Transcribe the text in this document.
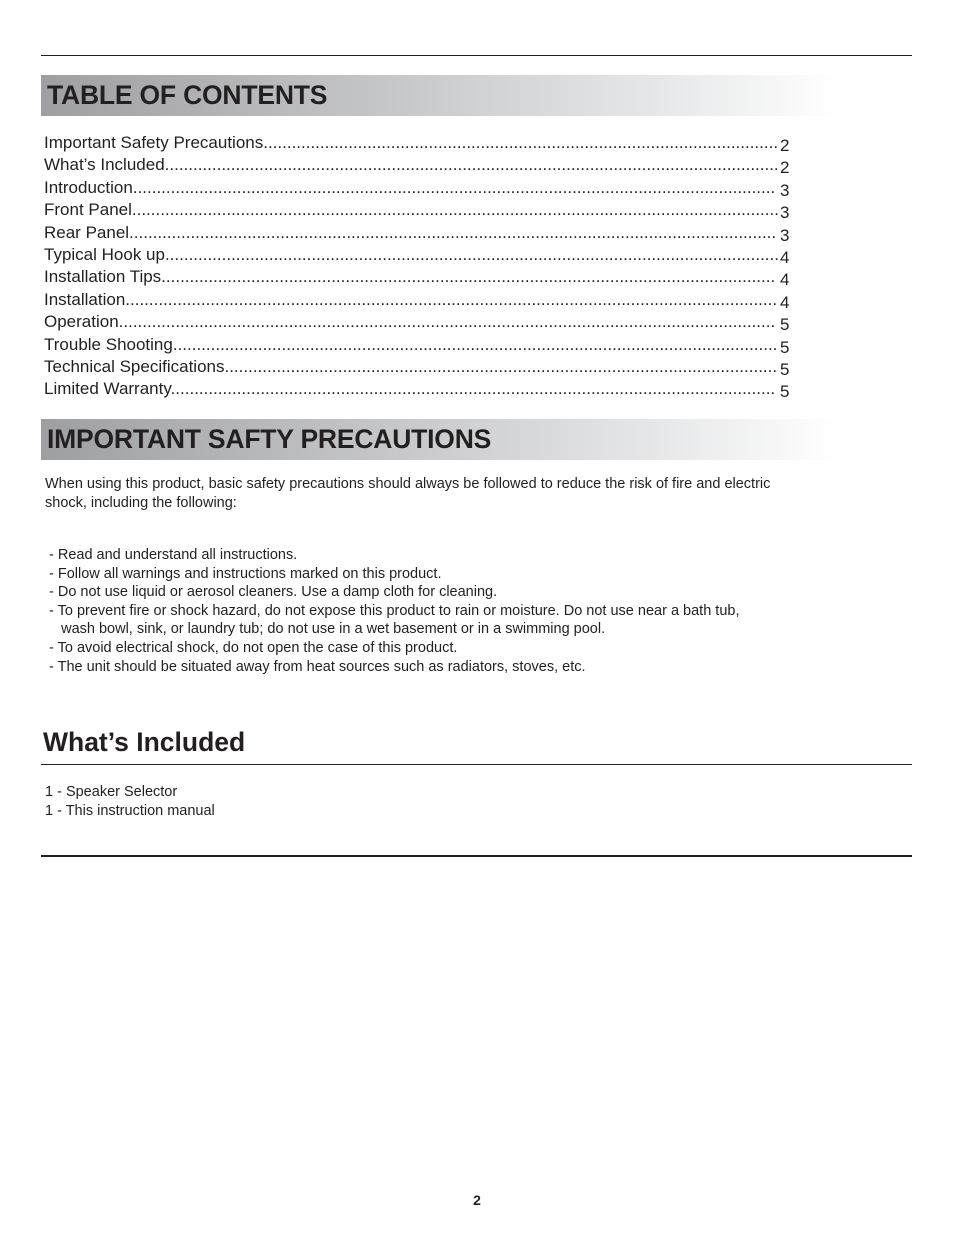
TABLE OF CONTENTS
Important Safety Precautions............................................................................................................. 2
What’s Included.................................................................................................................................. 2
Introduction........................................................................................................................................ 3
Front Panel......................................................................................................................................... 3
Rear Panel......................................................................................................................................... 3
Typical Hook up.................................................................................................................................. 4
Installation Tips.................................................................................................................................. 4
Installation.......................................................................................................................................... 4
Operation........................................................................................................................................... 5
Trouble Shooting................................................................................................................................ 5
Technical Specifications..................................................................................................................... 5
Limited Warranty................................................................................................................................ 5
IMPORTANT SAFTY PRECAUTIONS

When using this product, basic safety precautions should always be followed to reduce the risk of fire and electric shock, including the following:

- Read and understand all instructions.
- Follow all warnings and instructions marked on this product.
- Do not use liquid or aerosol cleaners. Use a damp cloth for cleaning.
- To prevent fire or shock hazard, do not expose this product to rain or moisture. Do not use near a bath tub,
wash bowl, sink, or laundry tub; do not use in a wet basement or in a swimming pool.
- To avoid electrical shock, do not open the case of this product.
- The unit should be situated away from heat sources such as radiators, stoves, etc.
What’s Included
1 - Speaker Selector
1 - This instruction manual
2
